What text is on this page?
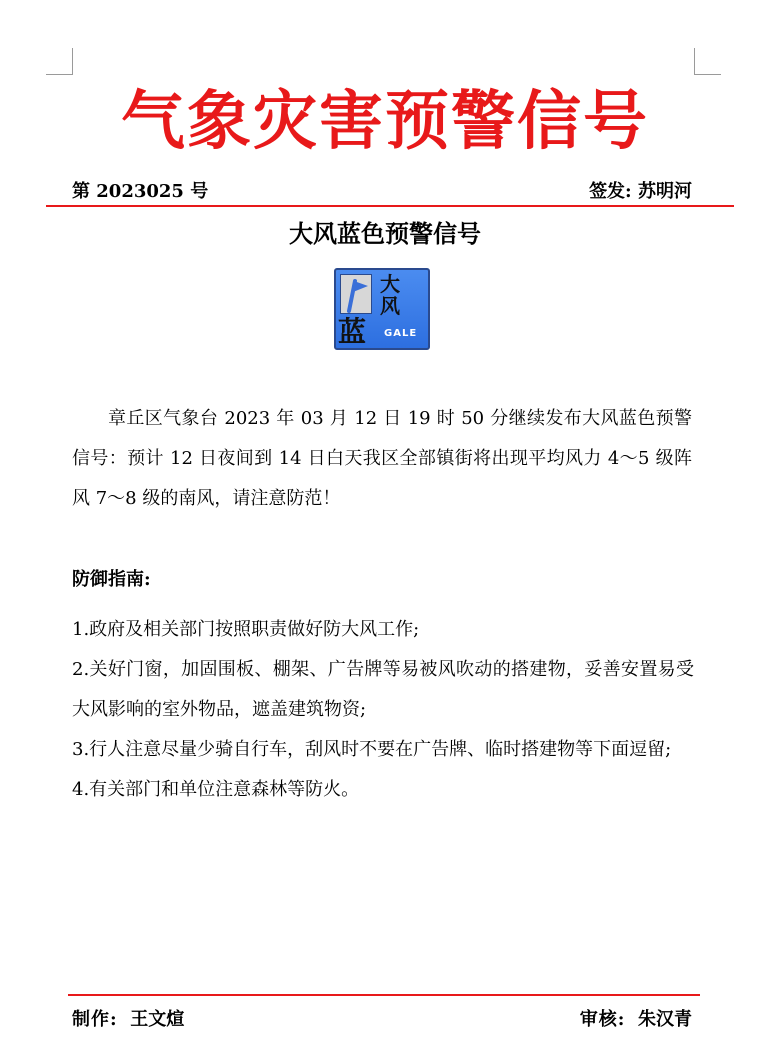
气象灾害预警信号
第 2023025 号	签发: 苏明河
大风蓝色预警信号
大
风
蓝 GALE
章丘区气象台 2023 年 03 月 12 日 19 时 50 分继续发布大风蓝色预警信号：预计 12 日夜间到 14 日白天我区全部镇街将出现平均风力 4～5 级阵风 7～8 级的南风，请注意防范！
防御指南:
1.政府及相关部门按照职责做好防大风工作;
2.关好门窗，加固围板、棚架、广告牌等易被风吹动的搭建物，妥善安置易受大风影响的室外物品，遮盖建筑物资;
3.行人注意尽量少骑自行车，刮风时不要在广告牌、临时搭建物等下面逗留;
4.有关部门和单位注意森林等防火。
制作: 王文煊	审核: 朱汉青
